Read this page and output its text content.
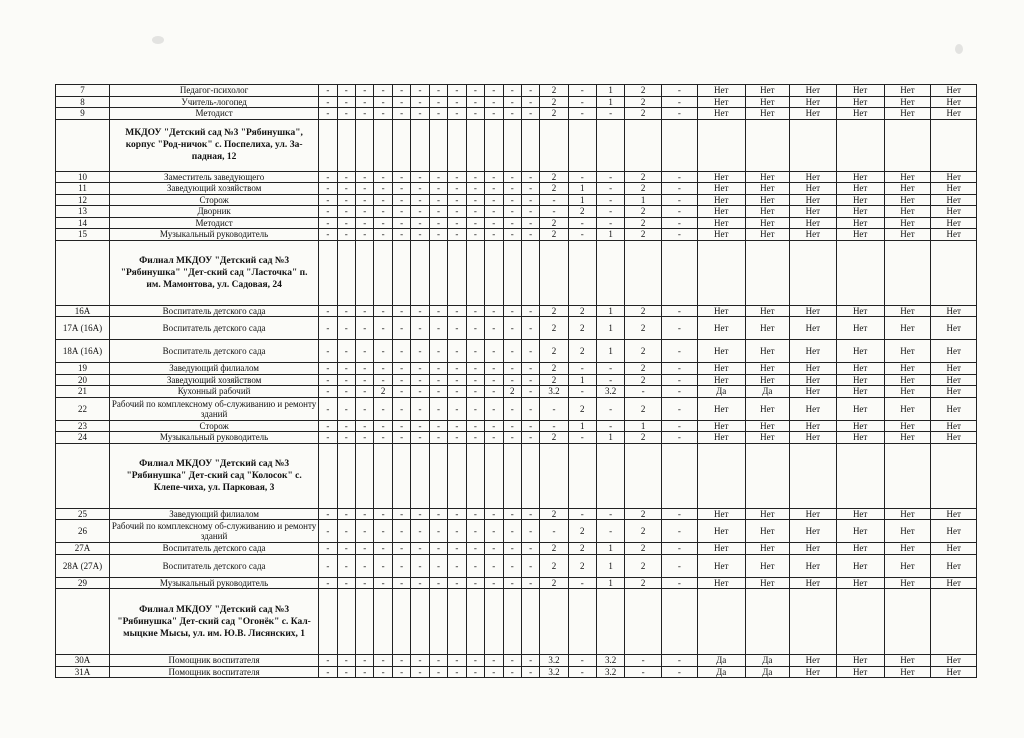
7	Педагог-психолог	-	-	-	-	-	-	-	-	-	-	-	-	2	-	1	2	-	Нет	Нет	Нет	Нет	Нет	Нет
8	Учитель-логопед	-	-	-	-	-	-	-	-	-	-	-	-	2	-	1	2	-	Нет	Нет	Нет	Нет	Нет	Нет
9	Методист	-	-	-	-	-	-	-	-	-	-	-	-	2	-	-	2	-	Нет	Нет	Нет	Нет	Нет	Нет
	МКДОУ "Детский сад №3 "Рябинушка", корпус "Род-ничок" с. Поспелиха, ул. За-падная, 12																							
10	Заместитель заведующего	-	-	-	-	-	-	-	-	-	-	-	-	2	-	-	2	-	Нет	Нет	Нет	Нет	Нет	Нет
11	Заведующий хозяйством	-	-	-	-	-	-	-	-	-	-	-	-	2	1	-	2	-	Нет	Нет	Нет	Нет	Нет	Нет
12	Сторож	-	-	-	-	-	-	-	-	-	-	-	-	-	1	-	1	-	Нет	Нет	Нет	Нет	Нет	Нет
13	Дворник	-	-	-	-	-	-	-	-	-	-	-	-	-	2	-	2	-	Нет	Нет	Нет	Нет	Нет	Нет
14	Методист	-	-	-	-	-	-	-	-	-	-	-	-	2	-	-	2	-	Нет	Нет	Нет	Нет	Нет	Нет
15	Музыкальный руководитель	-	-	-	-	-	-	-	-	-	-	-	-	2	-	1	2	-	Нет	Нет	Нет	Нет	Нет	Нет
	Филиал МКДОУ "Детский сад №3 "Рябинушка" "Дет-ский сад "Ласточка" п. им. Мамонтова, ул. Садовая, 24																							
16А	Воспитатель детского сада	-	-	-	-	-	-	-	-	-	-	-	-	2	2	1	2	-	Нет	Нет	Нет	Нет	Нет	Нет
17А (16А)	Воспитатель детского сада	-	-	-	-	-	-	-	-	-	-	-	-	2	2	1	2	-	Нет	Нет	Нет	Нет	Нет	Нет
18А (16А)	Воспитатель детского сада	-	-	-	-	-	-	-	-	-	-	-	-	2	2	1	2	-	Нет	Нет	Нет	Нет	Нет	Нет
19	Заведующий филиалом	-	-	-	-	-	-	-	-	-	-	-	-	2	-	-	2	-	Нет	Нет	Нет	Нет	Нет	Нет
20	Заведующий хозяйством	-	-	-	-	-	-	-	-	-	-	-	-	2	1	-	2	-	Нет	Нет	Нет	Нет	Нет	Нет
21	Кухонный рабочий	-	-	-	2	-	-	-	-	-	-	2	-	3.2	-	3.2	-	-	Да	Да	Нет	Нет	Нет	Нет
22	Рабочий по комплексному об-служиванию и ремонту зданий	-	-	-	-	-	-	-	-	-	-	-	-	-	2	-	2	-	Нет	Нет	Нет	Нет	Нет	Нет
23	Сторож	-	-	-	-	-	-	-	-	-	-	-	-	-	1	-	1	-	Нет	Нет	Нет	Нет	Нет	Нет
24	Музыкальный руководитель	-	-	-	-	-	-	-	-	-	-	-	-	2	-	1	2	-	Нет	Нет	Нет	Нет	Нет	Нет
	Филиал МКДОУ "Детский сад №3 "Рябинушка" Дет-ский сад "Колосок" с. Клепе-чиха, ул. Парковая, 3																							
25	Заведующий филиалом	-	-	-	-	-	-	-	-	-	-	-	-	2	-	-	2	-	Нет	Нет	Нет	Нет	Нет	Нет
26	Рабочий по комплексному об-служиванию и ремонту зданий	-	-	-	-	-	-	-	-	-	-	-	-	-	2	-	2	-	Нет	Нет	Нет	Нет	Нет	Нет
27А	Воспитатель детского сада	-	-	-	-	-	-	-	-	-	-	-	-	2	2	1	2	-	Нет	Нет	Нет	Нет	Нет	Нет
28А (27А)	Воспитатель детского сада	-	-	-	-	-	-	-	-	-	-	-	-	2	2	1	2	-	Нет	Нет	Нет	Нет	Нет	Нет
29	Музыкальный руководитель	-	-	-	-	-	-	-	-	-	-	-	-	2	-	1	2	-	Нет	Нет	Нет	Нет	Нет	Нет
	Филиал МКДОУ "Детский сад №3 "Рябинушка" Дет-ский сад "Огонёк" с. Кал-мыцкие Мысы, ул. им. Ю.В. Лисянских, 1																							
30А	Помощник воспитателя	-	-	-	-	-	-	-	-	-	-	-	-	3.2	-	3.2	-	-	Да	Да	Нет	Нет	Нет	Нет
31А	Помощник воспитателя	-	-	-	-	-	-	-	-	-	-	-	-	3.2	-	3.2	-	-	Да	Да	Нет	Нет	Нет	Нет
